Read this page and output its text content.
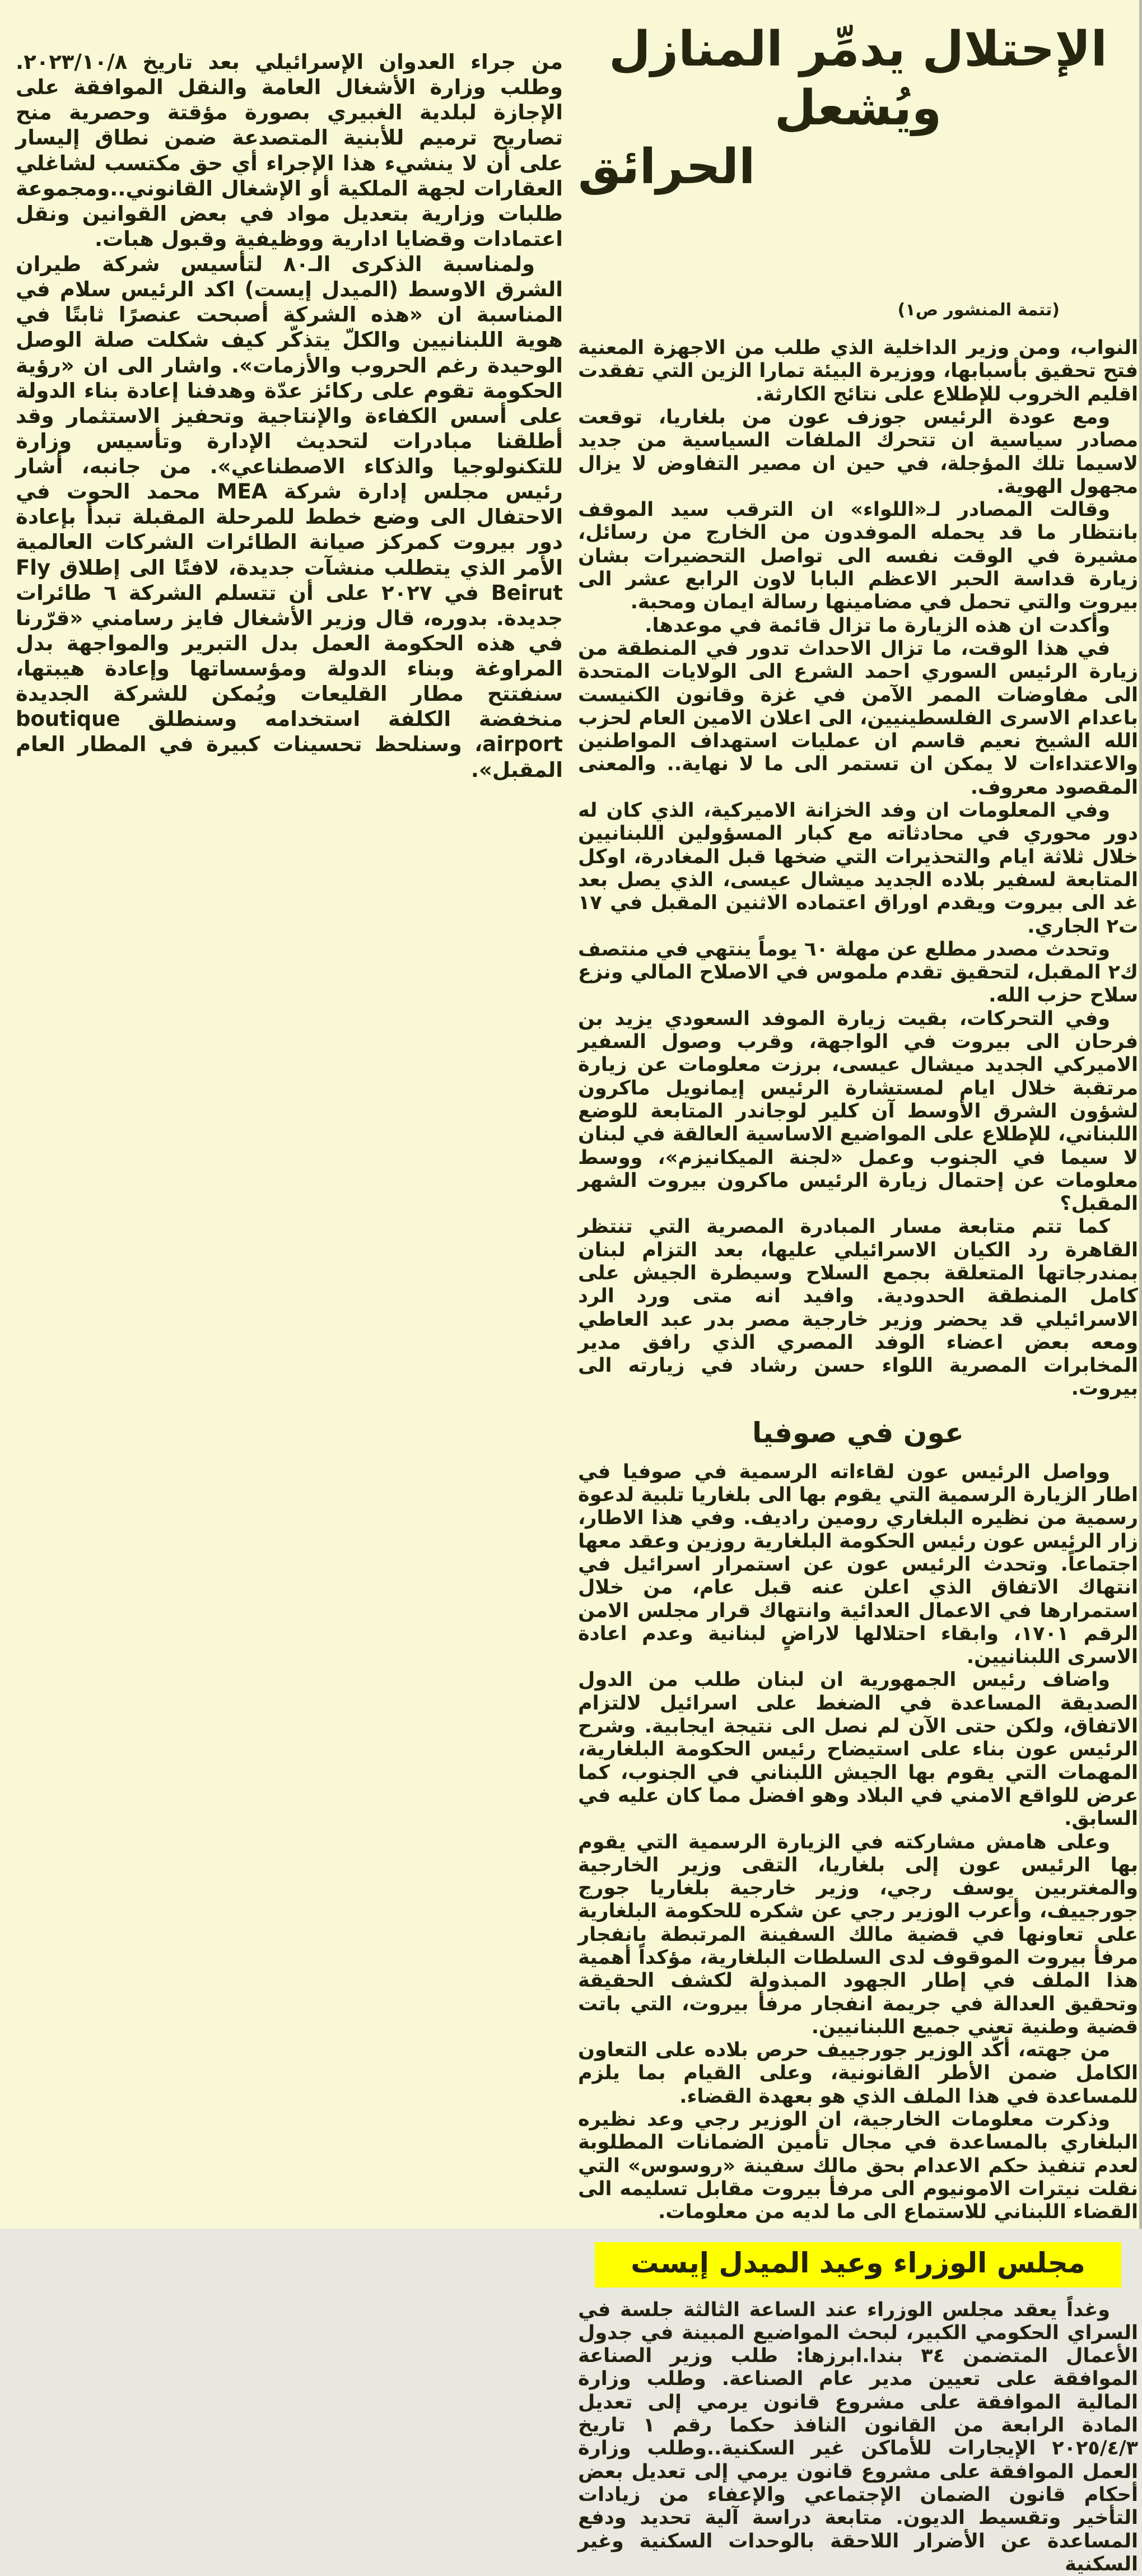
الإحتلال يدمِّر المنازل ويُشعل
الحرائق

(تتمة المنشور ص١)

النواب، ومن وزير الداخلية الذي طلب من الاجهزة المعنية فتح تحقيق بأسبابها، ووزيرة البيئة تمارا الزين التي تفقدت اقليم الخروب للإطلاع على نتائج الكارثة.

ومع عودة الرئيس جوزف عون من بلغاريا، توقعت مصادر سياسية ان تتحرك الملفات السياسية من جديد لاسيما تلك المؤجلة، في حين ان مصير التفاوض لا يزال مجهول الهوية.

وقالت المصادر لـ«اللواء» ان الترقب سيد الموقف بانتظار ما قد يحمله الموفدون من الخارج من رسائل، مشيرة في الوقت نفسه الى تواصل التحضيرات بشان زيارة قداسة الحبر الاعظم البابا لاون الرابع عشر الى بيروت والتي تحمل في مضامينها رسالة ايمان ومحبة.

وأكدت ان هذه الزيارة ما تزال قائمة في موعدها.

في هذا الوقت، ما تزال الاحداث تدور في المنطقة من زيارة الرئيس السوري احمد الشرع الى الولايات المتحدة الى مفاوضات الممر الآمن في غزة وقانون الكنيست باعدام الاسرى الفلسطينيين، الى اعلان الامين العام لحزب الله الشيخ نعيم قاسم ان عمليات استهداف المواطنين والاعتداءات لا يمكن ان تستمر الى ما لا نهاية.. والمعنى المقصود معروف.

وفي المعلومات ان وفد الخزانة الاميركية، الذي كان له دور محوري في محادثاته مع كبار المسؤولين اللبنانيين خلال ثلاثة ايام والتحذيرات التي ضخها قبل المغادرة، اوكل المتابعة لسفير بلاده الجديد ميشال عيسى، الذي يصل بعد غد الى بيروت ويقدم اوراق اعتماده الاثنين المقبل في ١٧ ت٢ الجاري.

وتحدث مصدر مطلع عن مهلة ٦٠ يوماً ينتهي في منتصف ك٢ المقبل، لتحقيق تقدم ملموس في الاصلاح المالي ونزع سلاح حزب الله.

وفي التحركات، بقيت زيارة الموفد السعودي يزيد بن فرحان الى بيروت في الواجهة، وقرب وصول السفير الاميركي الجديد ميشال عيسى، برزت معلومات عن زيارة مرتقبة خلال ايام لمستشارة الرئيس إيمانويل ماكرون لشؤون الشرق الأوسط آن كلير لوجاندر المتابعة للوضع اللبناني، للإطلاع على المواضيع الاساسية العالقة في لبنان لا سيما في الجنوب وعمل «لجنة الميكانيزم»، ووسط معلومات عن إحتمال زيارة الرئيس ماكرون بيروت الشهر المقبل؟

كما تتم متابعة مسار المبادرة المصرية التي تنتظر القاهرة رد الكيان الاسرائيلي عليها، بعد التزام لبنان بمندرجاتها المتعلقة بجمع السلاح وسيطرة الجيش على كامل المنطقة الحدودية. وافيد انه متى ورد الرد الاسرائيلي قد يحضر وزير خارجية مصر بدر عبد العاطي ومعه بعض اعضاء الوفد المصري الذي رافق مدير المخابرات المصرية اللواء حسن رشاد في زيارته الى بيروت.

عون في صوفيا

وواصل الرئيس عون لقاءاته الرسمية في صوفيا في اطار الزيارة الرسمية التي يقوم بها الى بلغاريا تلبية لدعوة رسمية من نظيره البلغاري رومين راديف. وفي هذا الاطار، زار الرئيس عون رئيس الحكومة البلغارية روزين وعقد معها اجتماعاً. وتحدث الرئيس عون عن استمرار اسرائيل في انتهاك الاتفاق الذي اعلن عنه قبل عام، من خلال استمرارها في الاعمال العدائية وانتهاك قرار مجلس الامن الرقم ١٧٠١، وابقاء احتلالها لاراضٍ لبنانية وعدم اعادة الاسرى اللبنانيين.

واضاف رئيس الجمهورية ان لبنان طلب من الدول الصديقة المساعدة في الضغط على اسرائيل لالتزام الاتفاق، ولكن حتى الآن لم نصل الى نتيجة ايجابية. وشرح الرئيس عون بناء على استيضاح رئيس الحكومة البلغارية، المهمات التي يقوم بها الجيش اللبناني في الجنوب، كما عرض للواقع الامني في البلاد وهو افضل مما كان عليه في السابق.

وعلى هامش مشاركته في الزيارة الرسمية التي يقوم بها الرئيس عون إلى بلغاريا، التقى وزير الخارجية والمغتربين يوسف رجي، وزير خارجية بلغاريا جورج جورجييف، وأعرب الوزير رجي عن شكره للحكومة البلغارية على تعاونها في قضية مالك السفينة المرتبطة بانفجار مرفأ بيروت الموقوف لدى السلطات البلغارية، مؤكداً أهمية هذا الملف في إطار الجهود المبذولة لكشف الحقيقة وتحقيق العدالة في جريمة انفجار مرفأ بيروت، التي باتت قضية وطنية تعني جميع اللبنانيين.

من جهته، أكّد الوزير جورجييف حرص بلاده على التعاون الكامل ضمن الأطر القانونية، وعلى القيام بما يلزم للمساعدة في هذا الملف الذي هو بعهدة القضاء.

وذكرت معلومات الخارجية، ان الوزير رجي وعد نظيره البلغاري بالمساعدة في مجال تأمين الضمانات المطلوبة لعدم تنفيذ حكم الاعدام بحق مالك سفينة «روسوس» التي نقلت نيترات الامونيوم الى مرفأ بيروت مقابل تسليمه الى القضاء اللبناني للاستماع الى ما لديه من معلومات.

مجلس الوزراء وعيد الميدل إيست

وغداً يعقد مجلس الوزراء عند الساعة الثالثة جلسة في السراي الحكومي الكبير، لبحث المواضيع المبينة في جدول الأعمال المتضمن ٣٤ بندا.ابرزها: طلب وزير الصناعة الموافقة على تعيين مدير عام الصناعة. وطلب وزارة المالية الموافقة على مشروع قانون يرمي إلى تعديل المادة الرابعة من القانون النافذ حكما رقم ١ تاريخ ٢٠٢٥/٤/٣ الإيجارات للأماكن غير السكنية..وطلب وزارة العمل الموافقة على مشروع قانون يرمي إلى تعديل بعض أحكام قانون الضمان الإجتماعي والإعفاء من زيادات التأخير وتقسيط الديون. متابعة دراسة آلية تحديد ودفع المساعدة عن الأضرار اللاحقة بالوحدات السكنية وغير السكنية

من جراء العدوان الإسرائيلي بعد تاريخ ٢٠٢٣/١٠/٨. وطلب وزارة الأشغال العامة والنقل الموافقة على الإجازة لبلدية الغبيري بصورة مؤقتة وحصرية منح تصاريح ترميم للأبنية المتصدعة ضمن نطاق إليسار على أن لا ينشيء هذا الإجراء أي حق مكتسب لشاغلي العقارات لجهة الملكية أو الإشغال القانوني..ومجموعة طلبات وزارية بتعديل مواد في بعض القوانين ونقل اعتمادات وقضايا ادارية ووظيفية وقبول هبات.

ولمناسبة الذكرى الـ٨٠ لتأسيس شركة طيران الشرق الاوسط (الميدل إيست) اكد الرئيس سلام في المناسبة ان «هذه الشركة أصبحت عنصرًا ثابتًا في هوية اللبنانيين والكلّ يتذكّر كيف شكلت صلة الوصل الوحيدة رغم الحروب والأزمات». واشار الى ان «رؤية الحكومة تقوم على ركائز عدّة وهدفنا إعادة بناء الدولة على أسس الكفاءة والإنتاجية وتحفيز الاستثمار وقد أطلقنا مبادرات لتحديث الإدارة وتأسيس وزارة للتكنولوجيا والذكاء الاصطناعي». من جانبه، أشار رئيس مجلس إدارة شركة MEA محمد الحوت في الاحتفال الى وضع خطط للمرحلة المقبلة تبدأ بإعادة دور بيروت كمركز صيانة الطائرات الشركات العالمية الأمر الذي يتطلب منشآت جديدة، لافتًا الى إطلاق Fly Beirut في ٢٠٢٧ على أن تتسلم الشركة ٦ طائرات جديدة. بدوره، قال وزير الأشغال فايز رسامني «قرّرنا في هذه الحكومة العمل بدل التبرير والمواجهة بدل المراوغة وبناء الدولة ومؤسساتها وإعادة هيبتها، سنفتتح مطار القليعات ويُمكن للشركة الجديدة منخفضة الكلفة استخدامه وسنطلق boutique airport، وسنلحظ تحسينات كبيرة في المطار العام المقبل».
